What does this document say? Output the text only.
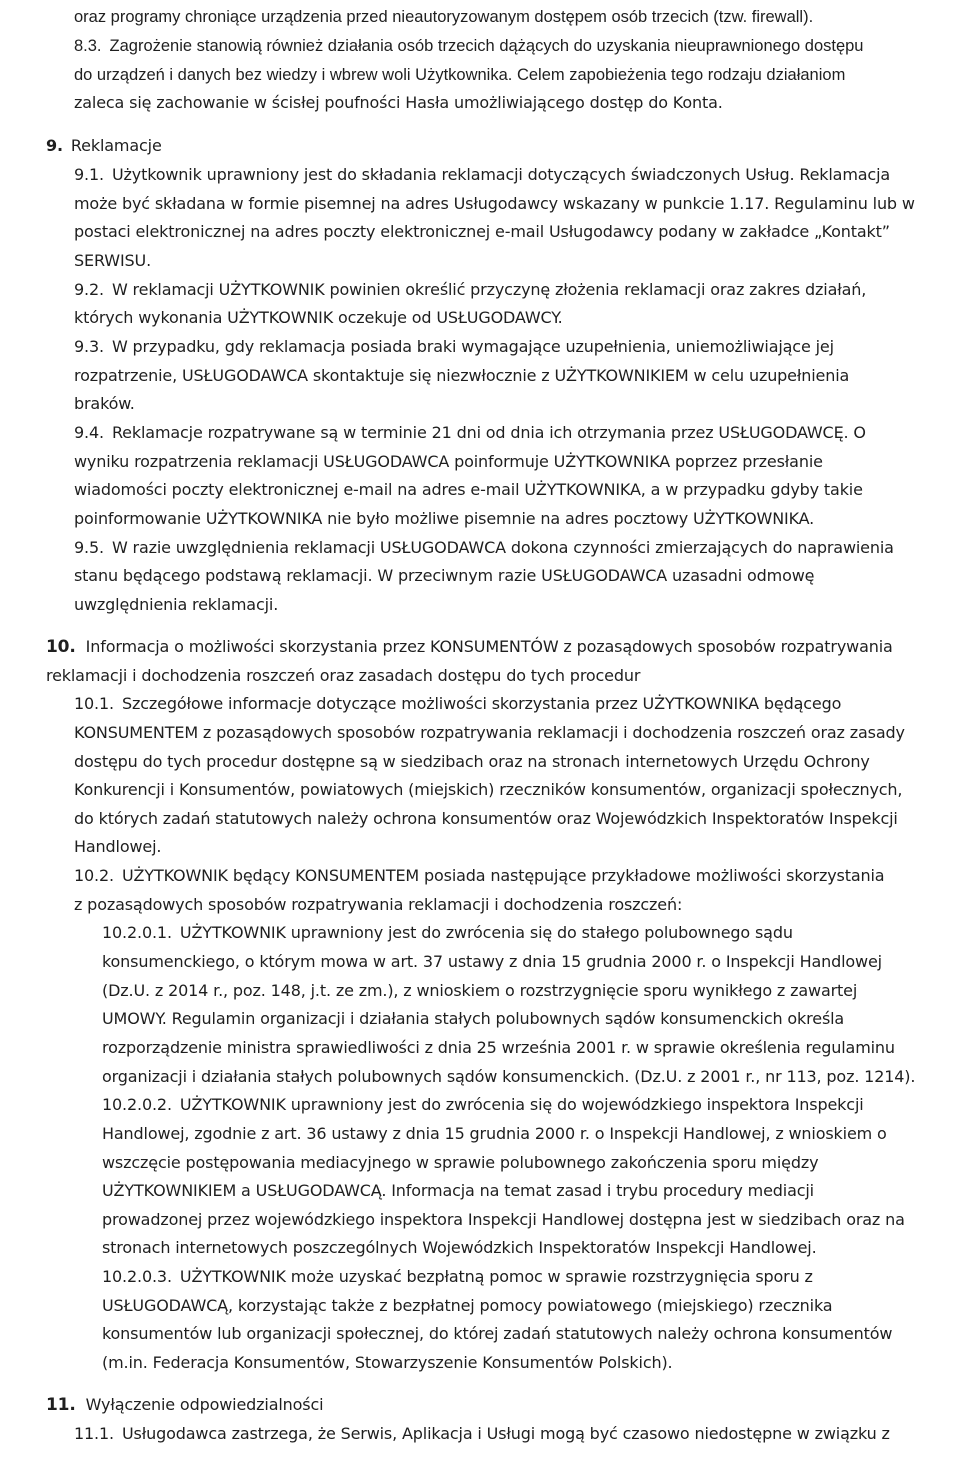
oraz programy chroniące urządzenia przed nieautoryzowanym dostępem osób trzecich (tzw. firewall).
8.3. Zagrożenie stanowią również działania osób trzecich dążących do uzyskania nieuprawnionego dostępu
do urządzeń i danych bez wiedzy i wbrew woli Użytkownika. Celem zapobieżenia tego rodzaju działaniom
zaleca się zachowanie w ścisłej poufności Hasła umożliwiającego dostęp do Konta.
9. Reklamacje
9.1. Użytkownik uprawniony jest do składania reklamacji dotyczących świadczonych Usług. Reklamacja
może być składana w formie pisemnej na adres Usługodawcy wskazany w punkcie 1.17. Regulaminu lub w
postaci elektronicznej na adres poczty elektronicznej e-mail Usługodawcy podany w zakładce „Kontakt”
SERWISU.
9.2. W reklamacji UŻYTKOWNIK powinien określić przyczynę złożenia reklamacji oraz zakres działań,
których wykonania UŻYTKOWNIK oczekuje od USŁUGODAWCY.
9.3. W przypadku, gdy reklamacja posiada braki wymagające uzupełnienia, uniemożliwiające jej
rozpatrzenie, USŁUGODAWCA skontaktuje się niezwłocznie z UŻYTKOWNIKIEM w celu uzupełnienia
braków.
9.4. Reklamacje rozpatrywane są w terminie 21 dni od dnia ich otrzymania przez USŁUGODAWCĘ. O
wyniku rozpatrzenia reklamacji USŁUGODAWCA poinformuje UŻYTKOWNIKA poprzez przesłanie
wiadomości poczty elektronicznej e-mail na adres e-mail UŻYTKOWNIKA, a w przypadku gdyby takie
poinformowanie UŻYTKOWNIKA nie było możliwe pisemnie na adres pocztowy UŻYTKOWNIKA.
9.5. W razie uwzględnienia reklamacji USŁUGODAWCA dokona czynności zmierzających do naprawienia
stanu będącego podstawą reklamacji. W przeciwnym razie USŁUGODAWCA uzasadni odmowę
uwzględnienia reklamacji.
10. Informacja o możliwości skorzystania przez KONSUMENTÓW z pozasądowych sposobów rozpatrywania
reklamacji i dochodzenia roszczeń oraz zasadach dostępu do tych procedur
10.1. Szczegółowe informacje dotyczące możliwości skorzystania przez UŻYTKOWNIKA będącego
KONSUMENTEM z pozasądowych sposobów rozpatrywania reklamacji i dochodzenia roszczeń oraz zasady
dostępu do tych procedur dostępne są w siedzibach oraz na stronach internetowych Urzędu Ochrony
Konkurencji i Konsumentów, powiatowych (miejskich) rzeczników konsumentów, organizacji społecznych,
do których zadań statutowych należy ochrona konsumentów oraz Wojewódzkich Inspektoratów Inspekcji
Handlowej.
10.2. UŻYTKOWNIK będący KONSUMENTEM posiada następujące przykładowe możliwości skorzystania
z pozasądowych sposobów rozpatrywania reklamacji i dochodzenia roszczeń:
10.2.0.1. UŻYTKOWNIK uprawniony jest do zwrócenia się do stałego polubownego sądu
konsumenckiego, o którym mowa w art. 37 ustawy z dnia 15 grudnia 2000 r. o Inspekcji Handlowej
(Dz.U. z 2014 r., poz. 148, j.t. ze zm.), z wnioskiem o rozstrzygnięcie sporu wynikłego z zawartej
UMOWY. Regulamin organizacji i działania stałych polubownych sądów konsumenckich określa
rozporządzenie ministra sprawiedliwości z dnia 25 września 2001 r. w sprawie określenia regulaminu
organizacji i działania stałych polubownych sądów konsumenckich. (Dz.U. z 2001 r., nr 113, poz. 1214).
10.2.0.2. UŻYTKOWNIK uprawniony jest do zwrócenia się do wojewódzkiego inspektora Inspekcji
Handlowej, zgodnie z art. 36 ustawy z dnia 15 grudnia 2000 r. o Inspekcji Handlowej, z wnioskiem o
wszczęcie postępowania mediacyjnego w sprawie polubownego zakończenia sporu między
UŻYTKOWNIKIEM a USŁUGODAWCĄ. Informacja na temat zasad i trybu procedury mediacji
prowadzonej przez wojewódzkiego inspektora Inspekcji Handlowej dostępna jest w siedzibach oraz na
stronach internetowych poszczególnych Wojewódzkich Inspektoratów Inspekcji Handlowej.
10.2.0.3. UŻYTKOWNIK może uzyskać bezpłatną pomoc w sprawie rozstrzygnięcia sporu z
USŁUGODAWCĄ, korzystając także z bezpłatnej pomocy powiatowego (miejskiego) rzecznika
konsumentów lub organizacji społecznej, do której zadań statutowych należy ochrona konsumentów
(m.in. Federacja Konsumentów, Stowarzyszenie Konsumentów Polskich).
11. Wyłączenie odpowiedzialności
11.1. Usługodawca zastrzega, że Serwis, Aplikacja i Usługi mogą być czasowo niedostępne w związku z
